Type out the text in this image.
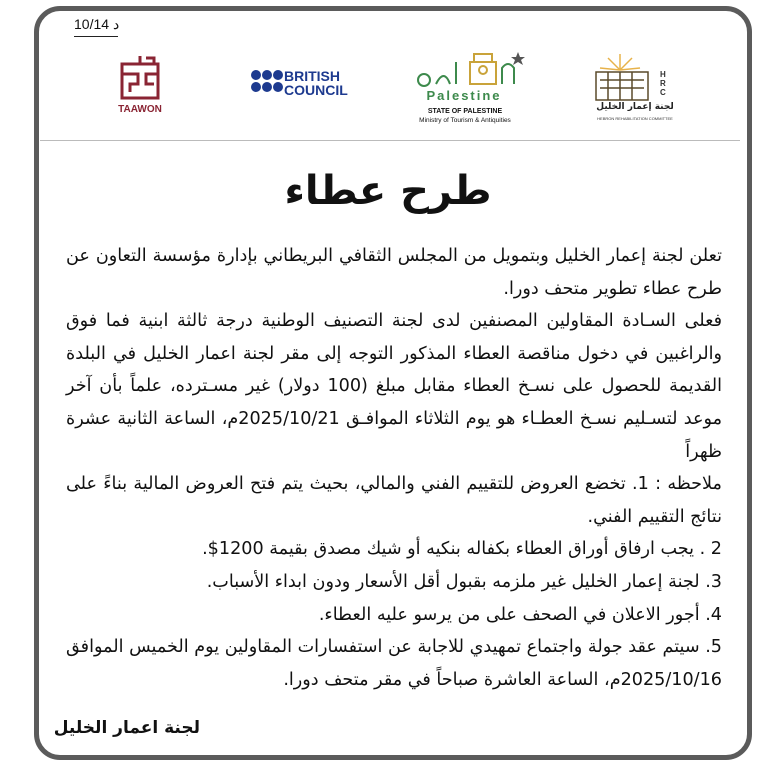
10/14 د
TAAWON
BRITISH
COUNCIL	Palestine
STATE OF PALESTINE
Ministry of Tourism & Antiquities
HRC
لجنة إعمار الخليل
HEBRON REHABILITATION COMMITTEE
طرح عطاء

تعلن لجنة إعمار الخليل وبتمويل من المجلس الثقافي البريطاني بإدارة مؤسسة التعاون عن طرح عطاء تطوير متحف دورا.

فعلى السـادة المقاولين المصنفين لدى لجنة التصنيف الوطنية درجة ثالثة ابنية فما فوق والراغبين في دخول مناقصة العطاء المذكور التوجه إلى مقر لجنة اعمار الخليل في البلدة القديمة للحصول على نسـخ العطاء مقابل مبلغ (100 دولار) غير مسـترده، علماً بأن آخر موعد لتسـليم نسـخ العطـاء هو يوم الثلاثاء الموافـق 2025/10/21م، الساعة الثانية عشرة ظهراً

ملاحظه : 1. تخضع العروض للتقييم الفني والمالي، بحيث يتم فتح العروض المالية بناءً على نتائج التقييم الفني.

2 . يجب ارفاق أوراق العطاء بكفاله بنكيه أو شيك مصدق بقيمة 1200$.

3. لجنة إعمار الخليل غير ملزمه بقبول أقل الأسعار ودون ابداء الأسباب.

4. أجور الاعلان في الصحف على من يرسو عليه العطاء.

5. سيتم عقد جولة واجتماع تمهيدي للاجابة عن استفسارات المقاولين يوم الخميس الموافق 2025/10/16م، الساعة العاشرة صباحاً في مقر متحف دورا.

لجنة اعمار الخليل
